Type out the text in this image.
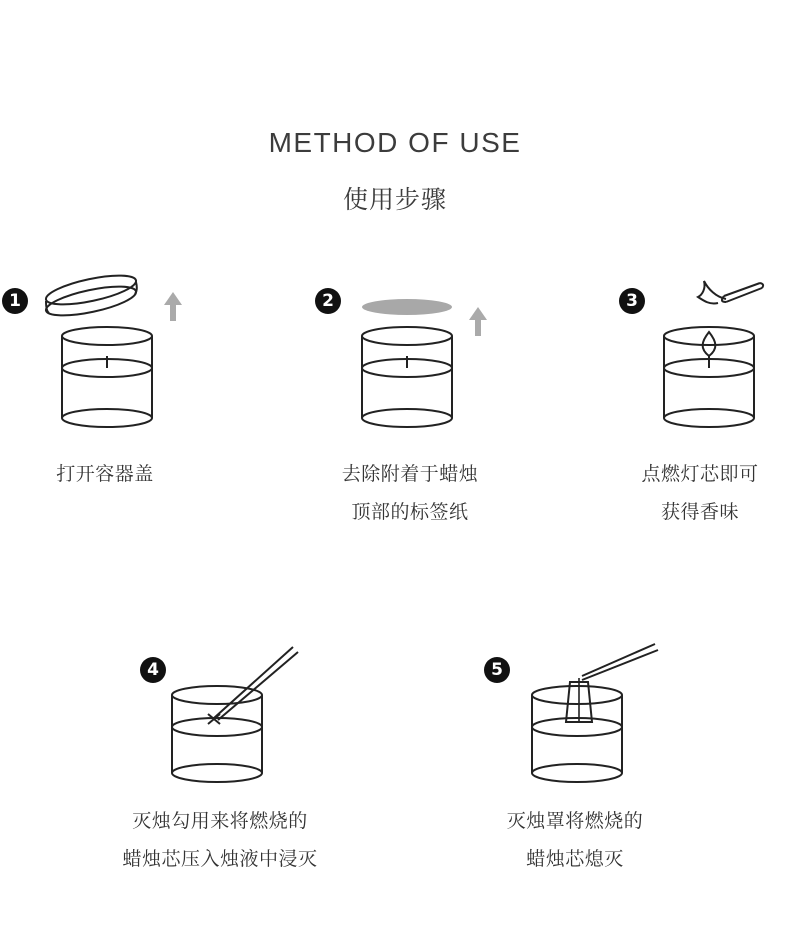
METHOD OF USE
使用步骤
1
打开容器盖
2
去除附着于蜡烛
顶部的标签纸
3
点燃灯芯即可
获得香味
4
灭烛勾用来将燃烧的
蜡烛芯压入烛液中浸灭
5
灭烛罩将燃烧的
蜡烛芯熄灭
